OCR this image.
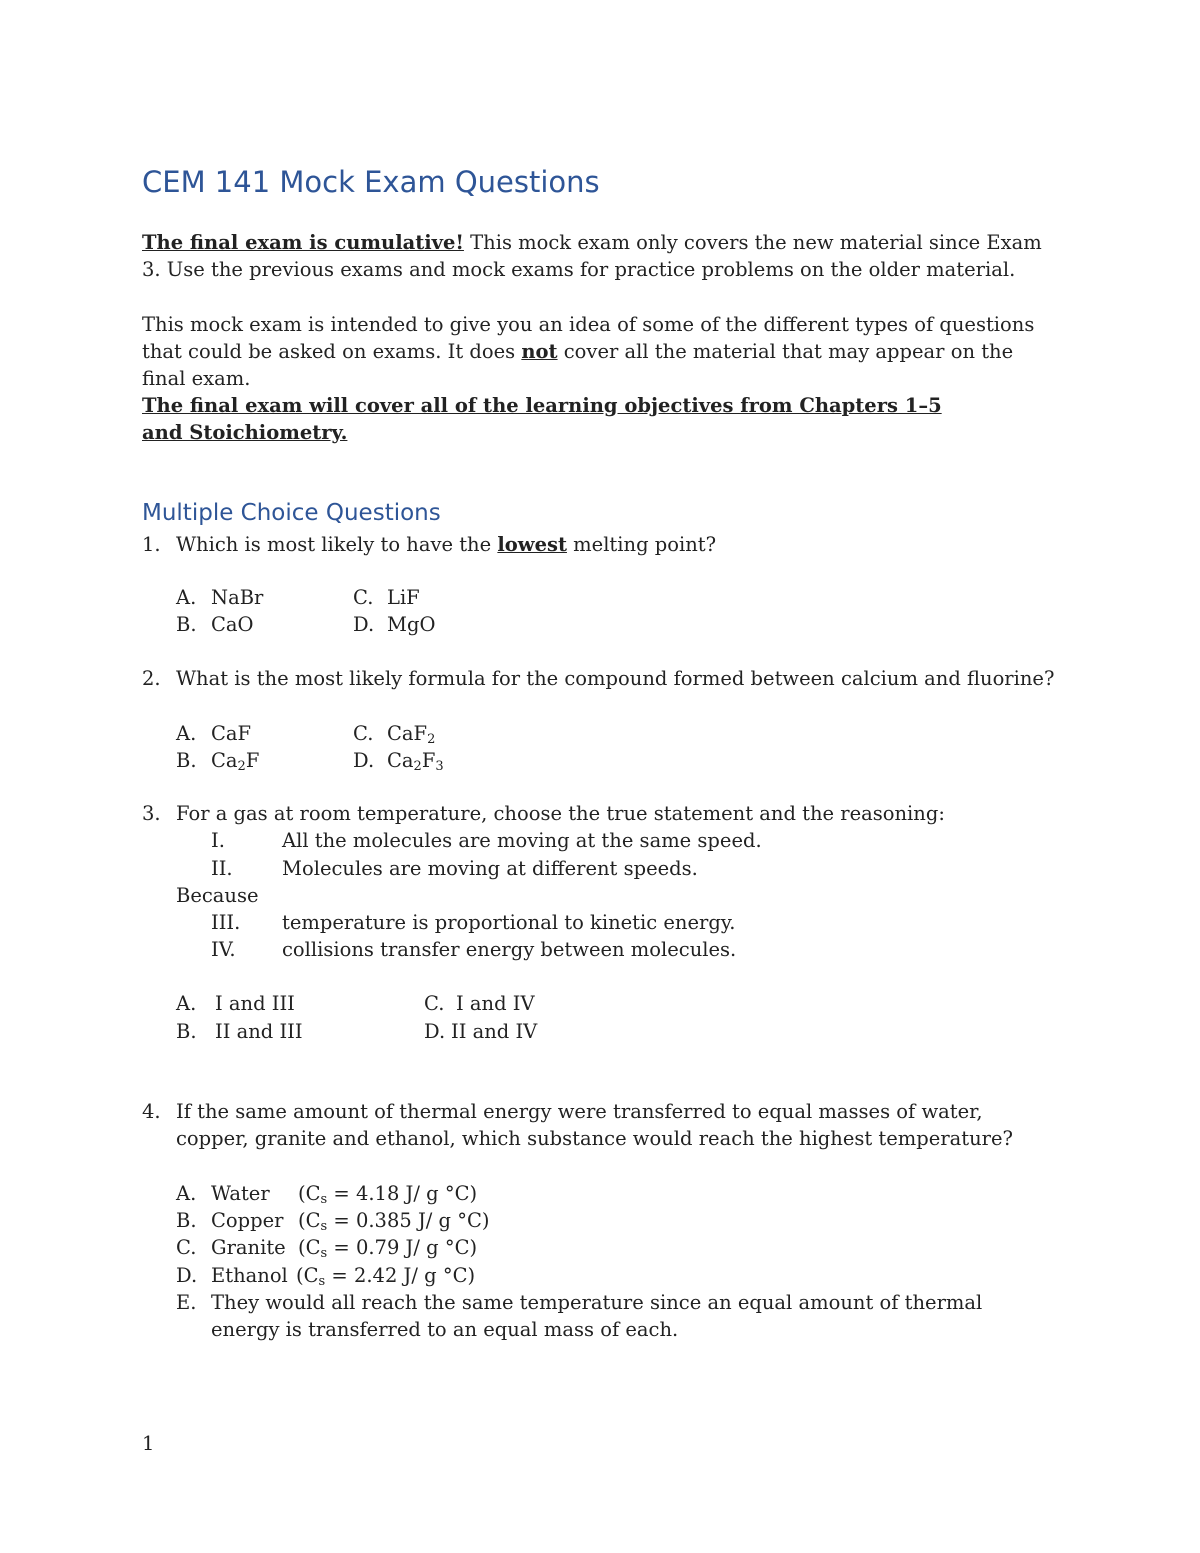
CEM 141 Mock Exam Questions

The final exam is cumulative! This mock exam only covers the new material since Exam 3. Use the previous exams and mock exams for practice problems on the older material.

This mock exam is intended to give you an idea of some of the different types of questions that could be asked on exams. It does not cover all the material that may appear on the final exam.

The final exam will cover all of the learning objectives from Chapters 1–5 and Stoichiometry.

Multiple Choice Questions
1. Which is most likely to have the lowest melting point?
A. NaBr
B. CaO
C. LiF
D. MgO
2. What is the most likely formula for the compound formed between calcium and fluorine?
A. CaF
B. $Ca_2F$
C. CaF$_2$
D. $Ca_2F_3$
3. For a gas at room temperature, choose the true statement and the reasoning:
I.	All the molecules are moving at the same speed.
II.	Molecules are moving at different speeds.
Because
III. temperature is proportional to kinetic energy.
IV. collisions transfer energy between molecules.
A. I and III
B. II and III
C. I and IV
D. II and IV
4. If the same amount of thermal energy were transferred to equal masses of water, copper, granite and ethanol, which substance would reach the highest temperature?
A. Water ($C_s = 4.18$ J/ g °C)
B. Copper ($C_s = 0.385$ J/ g °C)
C. Granite ($C_s = 0.79$ J/ g °C)
D. Ethanol ($C_s = 2.42$ J/ g °C)
E. They would all reach the same temperature since an equal amount of thermal energy is transferred to an equal mass of each.
1
